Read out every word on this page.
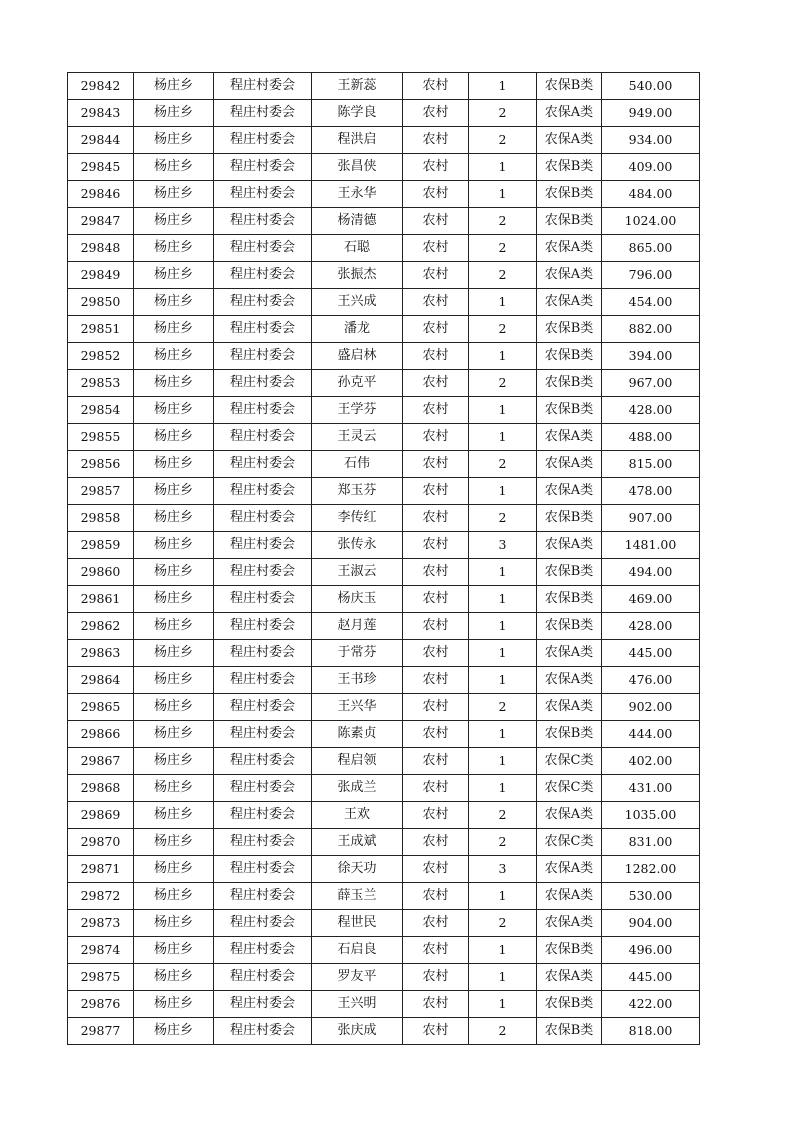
29842	杨庄乡	程庄村委会	王新蕊	农村	1	农保B类	540.00
29843	杨庄乡	程庄村委会	陈学良	农村	2	农保A类	949.00
29844	杨庄乡	程庄村委会	程洪启	农村	2	农保A类	934.00
29845	杨庄乡	程庄村委会	张昌侠	农村	1	农保B类	409.00
29846	杨庄乡	程庄村委会	王永华	农村	1	农保B类	484.00
29847	杨庄乡	程庄村委会	杨清德	农村	2	农保B类	1024.00
29848	杨庄乡	程庄村委会	石聪	农村	2	农保A类	865.00
29849	杨庄乡	程庄村委会	张振杰	农村	2	农保A类	796.00
29850	杨庄乡	程庄村委会	王兴成	农村	1	农保A类	454.00
29851	杨庄乡	程庄村委会	潘龙	农村	2	农保B类	882.00
29852	杨庄乡	程庄村委会	盛启林	农村	1	农保B类	394.00
29853	杨庄乡	程庄村委会	孙克平	农村	2	农保B类	967.00
29854	杨庄乡	程庄村委会	王学芬	农村	1	农保B类	428.00
29855	杨庄乡	程庄村委会	王灵云	农村	1	农保A类	488.00
29856	杨庄乡	程庄村委会	石伟	农村	2	农保A类	815.00
29857	杨庄乡	程庄村委会	郑玉芬	农村	1	农保A类	478.00
29858	杨庄乡	程庄村委会	李传红	农村	2	农保B类	907.00
29859	杨庄乡	程庄村委会	张传永	农村	3	农保A类	1481.00
29860	杨庄乡	程庄村委会	王淑云	农村	1	农保B类	494.00
29861	杨庄乡	程庄村委会	杨庆玉	农村	1	农保B类	469.00
29862	杨庄乡	程庄村委会	赵月莲	农村	1	农保B类	428.00
29863	杨庄乡	程庄村委会	于常芬	农村	1	农保A类	445.00
29864	杨庄乡	程庄村委会	王书珍	农村	1	农保A类	476.00
29865	杨庄乡	程庄村委会	王兴华	农村	2	农保A类	902.00
29866	杨庄乡	程庄村委会	陈素贞	农村	1	农保B类	444.00
29867	杨庄乡	程庄村委会	程启领	农村	1	农保C类	402.00
29868	杨庄乡	程庄村委会	张成兰	农村	1	农保C类	431.00
29869	杨庄乡	程庄村委会	王欢	农村	2	农保A类	1035.00
29870	杨庄乡	程庄村委会	王成斌	农村	2	农保C类	831.00
29871	杨庄乡	程庄村委会	徐天功	农村	3	农保A类	1282.00
29872	杨庄乡	程庄村委会	薛玉兰	农村	1	农保A类	530.00
29873	杨庄乡	程庄村委会	程世民	农村	2	农保A类	904.00
29874	杨庄乡	程庄村委会	石启良	农村	1	农保B类	496.00
29875	杨庄乡	程庄村委会	罗友平	农村	1	农保A类	445.00
29876	杨庄乡	程庄村委会	王兴明	农村	1	农保B类	422.00
29877	杨庄乡	程庄村委会	张庆成	农村	2	农保B类	818.00
